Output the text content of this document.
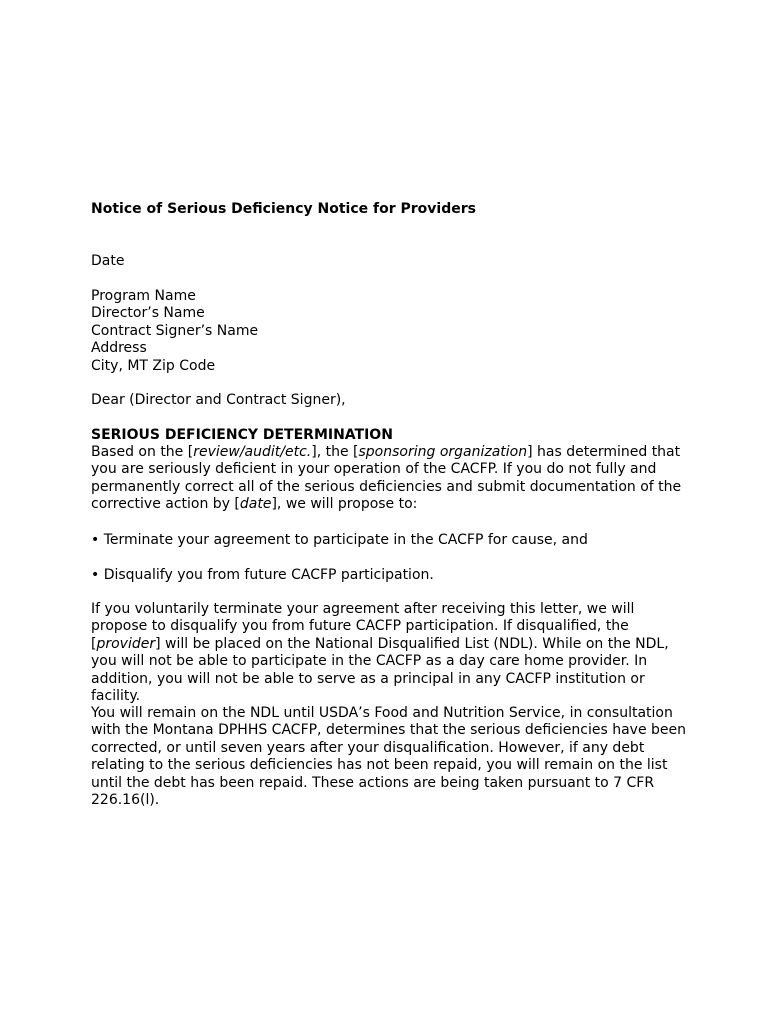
Notice of Serious Deficiency Notice for Providers
Date
Program Name
Director’s Name
Contract Signer’s Name
Address
City, MT Zip Code
Dear (Director and Contract Signer),
SERIOUS DEFICIENCY DETERMINATION
Based on the [review/audit/etc.], the [sponsoring organization] has determined that
you are seriously deficient in your operation of the CACFP. If you do not fully and
permanently correct all of the serious deficiencies and submit documentation of the
corrective action by [date], we will propose to:
• Terminate your agreement to participate in the CACFP for cause, and
• Disqualify you from future CACFP participation.
If you voluntarily terminate your agreement after receiving this letter, we will
propose to disqualify you from future CACFP participation. If disqualified, the
[provider] will be placed on the National Disqualified List (NDL). While on the NDL,
you will not be able to participate in the CACFP as a day care home provider. In
addition, you will not be able to serve as a principal in any CACFP institution or
facility.
You will remain on the NDL until USDA’s Food and Nutrition Service, in consultation
with the Montana DPHHS CACFP, determines that the serious deficiencies have been
corrected, or until seven years after your disqualification. However, if any debt
relating to the serious deficiencies has not been repaid, you will remain on the list
until the debt has been repaid. These actions are being taken pursuant to 7 CFR
226.16(l).
